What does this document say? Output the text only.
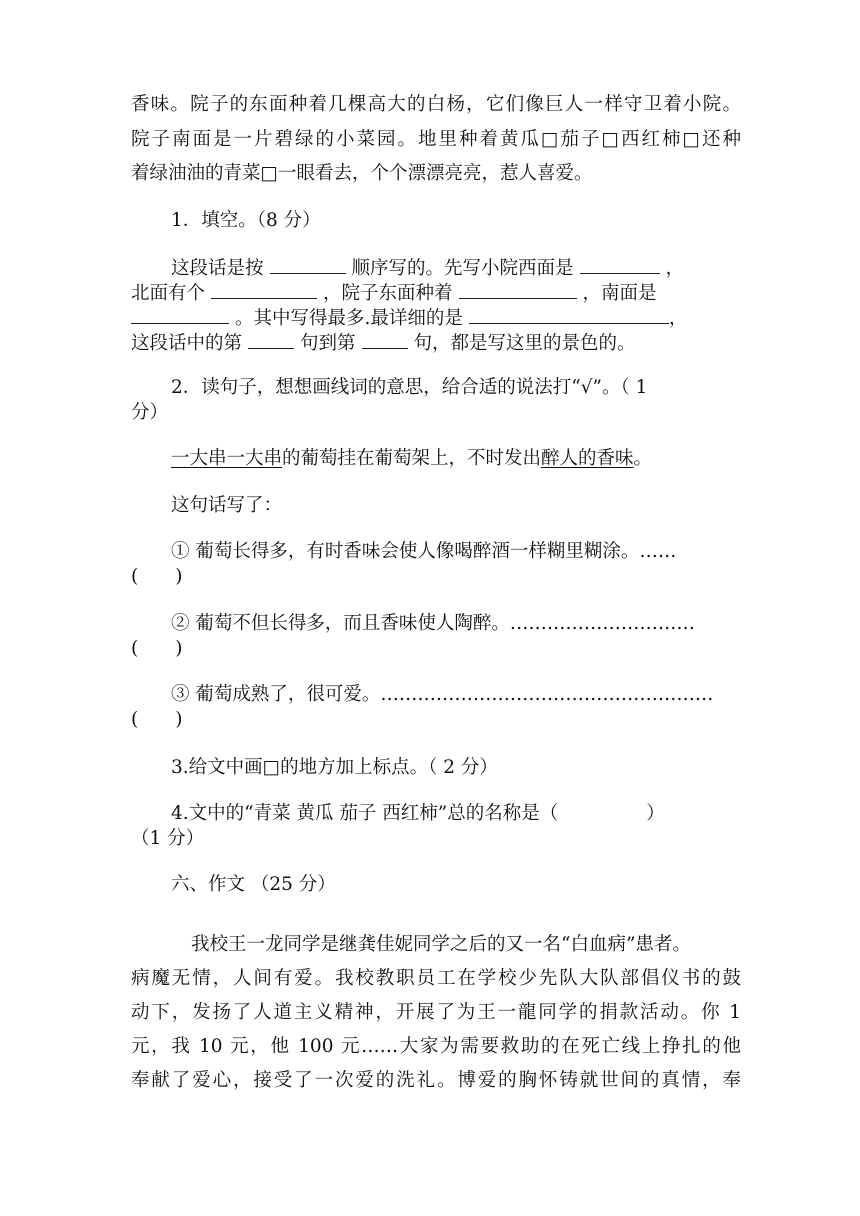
香味。院子的东面种着几棵高大的白杨，它们像巨人一样守卫着小院。
院子南面是一片碧绿的小菜园。地里种着黄瓜□茄子□西红柿□还种
着绿油油的青菜□一眼看去，个个漂漂亮亮，惹人喜爱。
1．填空。（8 分）
这段话是按	顺序写的。先写小院西面是	，
北面有个	，院子东面种着	，南面是
。其中写得最多.最详细的是	，
这段话中的第	句到第	句，都是写这里的景色的。
2．读句子，想想画线词的意思，给合适的说法打“√”。（ 1
分）
一大串一大串的葡萄挂在葡萄架上，不时发出醉人的香味。
这句话写了：
① 葡萄长得多，有时香味会使人像喝醉酒一样糊里糊涂。……
(　　)
② 葡萄不但长得多，而且香味使人陶醉。…………………………
(　　)
③ 葡萄成熟了，很可爱。………………………………………………
(　　)
3.给文中画□的地方加上标点。（ 2 分）
4.文中的“青菜 黄瓜 茄子 西红柿”总的名称是（	）
（1 分）
六、作文 （25 分）
我校王一龙同学是继龚佳妮同学之后的又一名“白血病”患者。
病魔无情，人间有爱。我校教职员工在学校少先队大队部倡仪书的鼓
动下，发扬了人道主义精神，开展了为王一龍同学的捐款活动。你 1
元，我 10 元，他 100 元……大家为需要救助的在死亡线上挣扎的他
奉献了爱心，接受了一次爱的洗礼。博爱的胸怀铸就世间的真情，奉
